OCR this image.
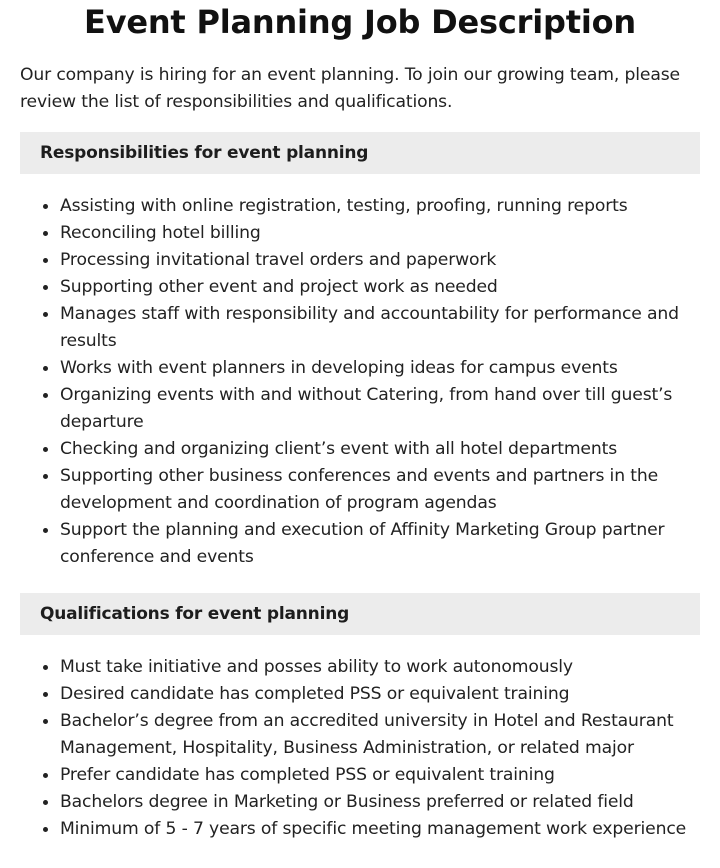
Event Planning Job Description

Our company is hiring for an event planning. To join our growing team, please review the list of responsibilities and qualifications.

Responsibilities for event planning
Assisting with online registration, testing, proofing, running reports
Reconciling hotel billing
Processing invitational travel orders and paperwork
Supporting other event and project work as needed
Manages staff with responsibility and accountability for performance and results
Works with event planners in developing ideas for campus events
Organizing events with and without Catering, from hand over till guest’s departure
Checking and organizing client’s event with all hotel departments
Supporting other business conferences and events and partners in the development and coordination of program agendas
Support the planning and execution of Affinity Marketing Group partner conference and events
Qualifications for event planning
Must take initiative and posses ability to work autonomously
Desired candidate has completed PSS or equivalent training
Bachelor’s degree from an accredited university in Hotel and Restaurant Management, Hospitality, Business Administration, or related major
Prefer candidate has completed PSS or equivalent training
Bachelors degree in Marketing or Business preferred or related field
Minimum of 5 - 7 years of specific meeting management work experience
